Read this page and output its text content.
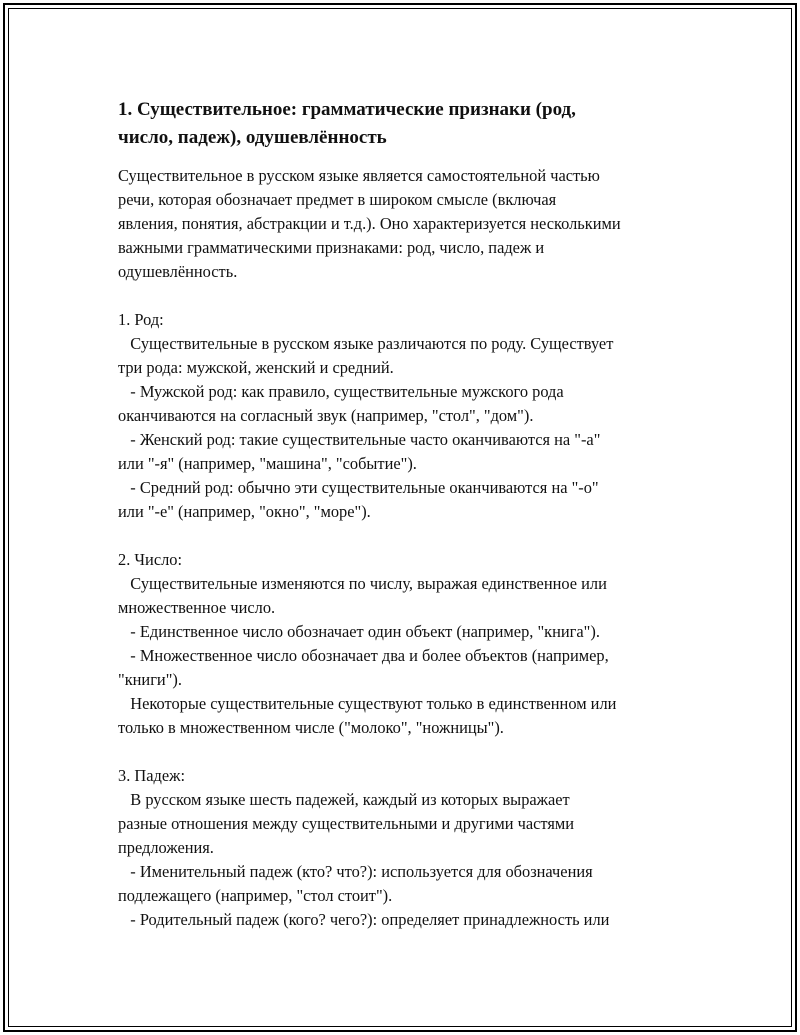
1. Существительное: грамматические признаки (род,
число, падеж), одушевлённость
Существительное в русском языке является самостоятельной частью
речи, которая обозначает предмет в широком смысле (включая
явления, понятия, абстракции и т.д.). Оно характеризуется несколькими
важными грамматическими признаками: род, число, падеж и
одушевлённость.
1. Род:
Существительные в русском языке различаются по роду. Существует
три рода: мужской, женский и средний.
- Мужской род: как правило, существительные мужского рода
оканчиваются на согласный звук (например, "стол", "дом").
- Женский род: такие существительные часто оканчиваются на "-а"
или "-я" (например, "машина", "событие").
- Средний род: обычно эти существительные оканчиваются на "-о"
или "-е" (например, "окно", "море").
2. Число:
Существительные изменяются по числу, выражая единственное или
множественное число.
- Единственное число обозначает один объект (например, "книга").
- Множественное число обозначает два и более объектов (например,
"книги").
Некоторые существительные существуют только в единственном или
только в множественном числе ("молоко", "ножницы").
3. Падеж:
В русском языке шесть падежей, каждый из которых выражает
разные отношения между существительными и другими частями
предложения.
- Именительный падеж (кто? что?): используется для обозначения
подлежащего (например, "стол стоит").
- Родительный падеж (кого? чего?): определяет принадлежность или
